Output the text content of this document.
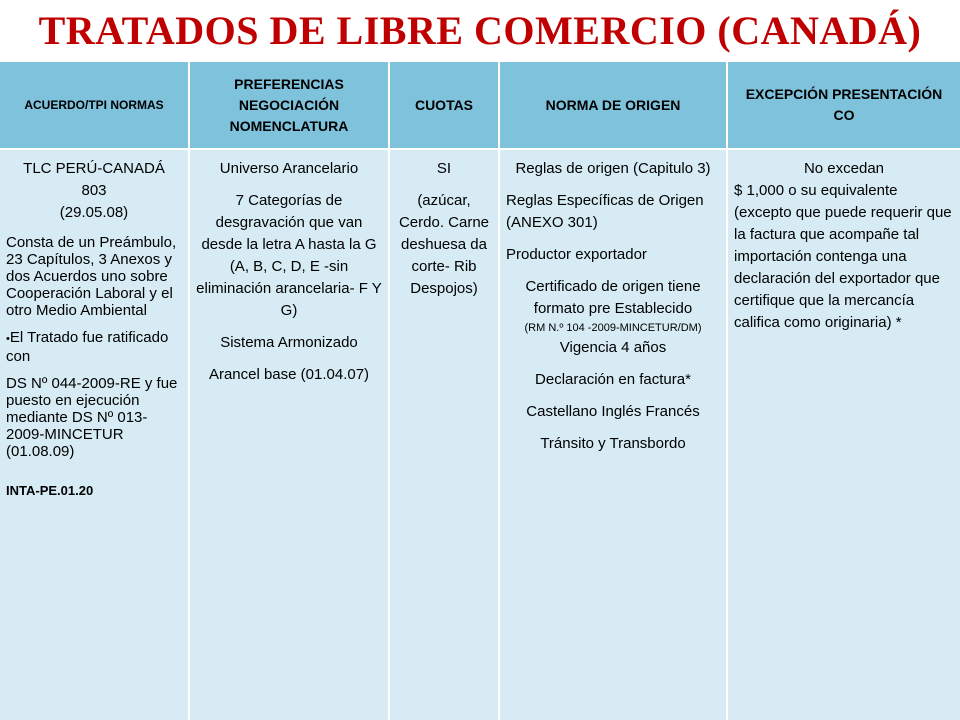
TRATADOS DE LIBRE COMERCIO (CANADÁ)
ACUERDO/TPI NORMAS
PREFERENCIAS NEGOCIACIÓN NOMENCLATURA
CUOTAS	NORMA DE ORIGEN
EXCEPCIÓN PRESENTACIÓN CO
TLC PERÚ-CANADÁ
803
(29.05.08)
Consta de un Preámbulo, 23 Capítulos, 3 Anexos y dos Acuerdos uno sobre Cooperación Laboral y el otro Medio Ambiental
• El Tratado fue ratificado con
DS Nº 044-2009-RE y fue puesto en ejecución mediante DS Nº 013-2009-MINCETUR (01.08.09)
INTA-PE.01.20
Universo Arancelario
7 Categorías de desgravación que van desde la letra A hasta la G (A, B, C, D, E -sin eliminación arancelaria- F Y G)
Sistema Armonizado
Arancel base (01.04.07)
SI
(azúcar, Cerdo. Carne deshuesa da corte- Rib Despojos)
Reglas de origen (Capitulo 3)
Reglas Específicas de Origen (ANEXO 301)
Productor exportador
Certificado de origen tiene formato pre Establecido
(RM N.º 104 -2009-MINCETUR/DM)
Vigencia 4 años
Declaración en factura*
Castellano Inglés Francés
Tránsito y Transbordo
No excedan
$ 1,000 o su equivalente (excepto que puede requerir que la factura que acompañe tal importación contenga una declaración del exportador que certifique que la mercancía califica como originaria) *
